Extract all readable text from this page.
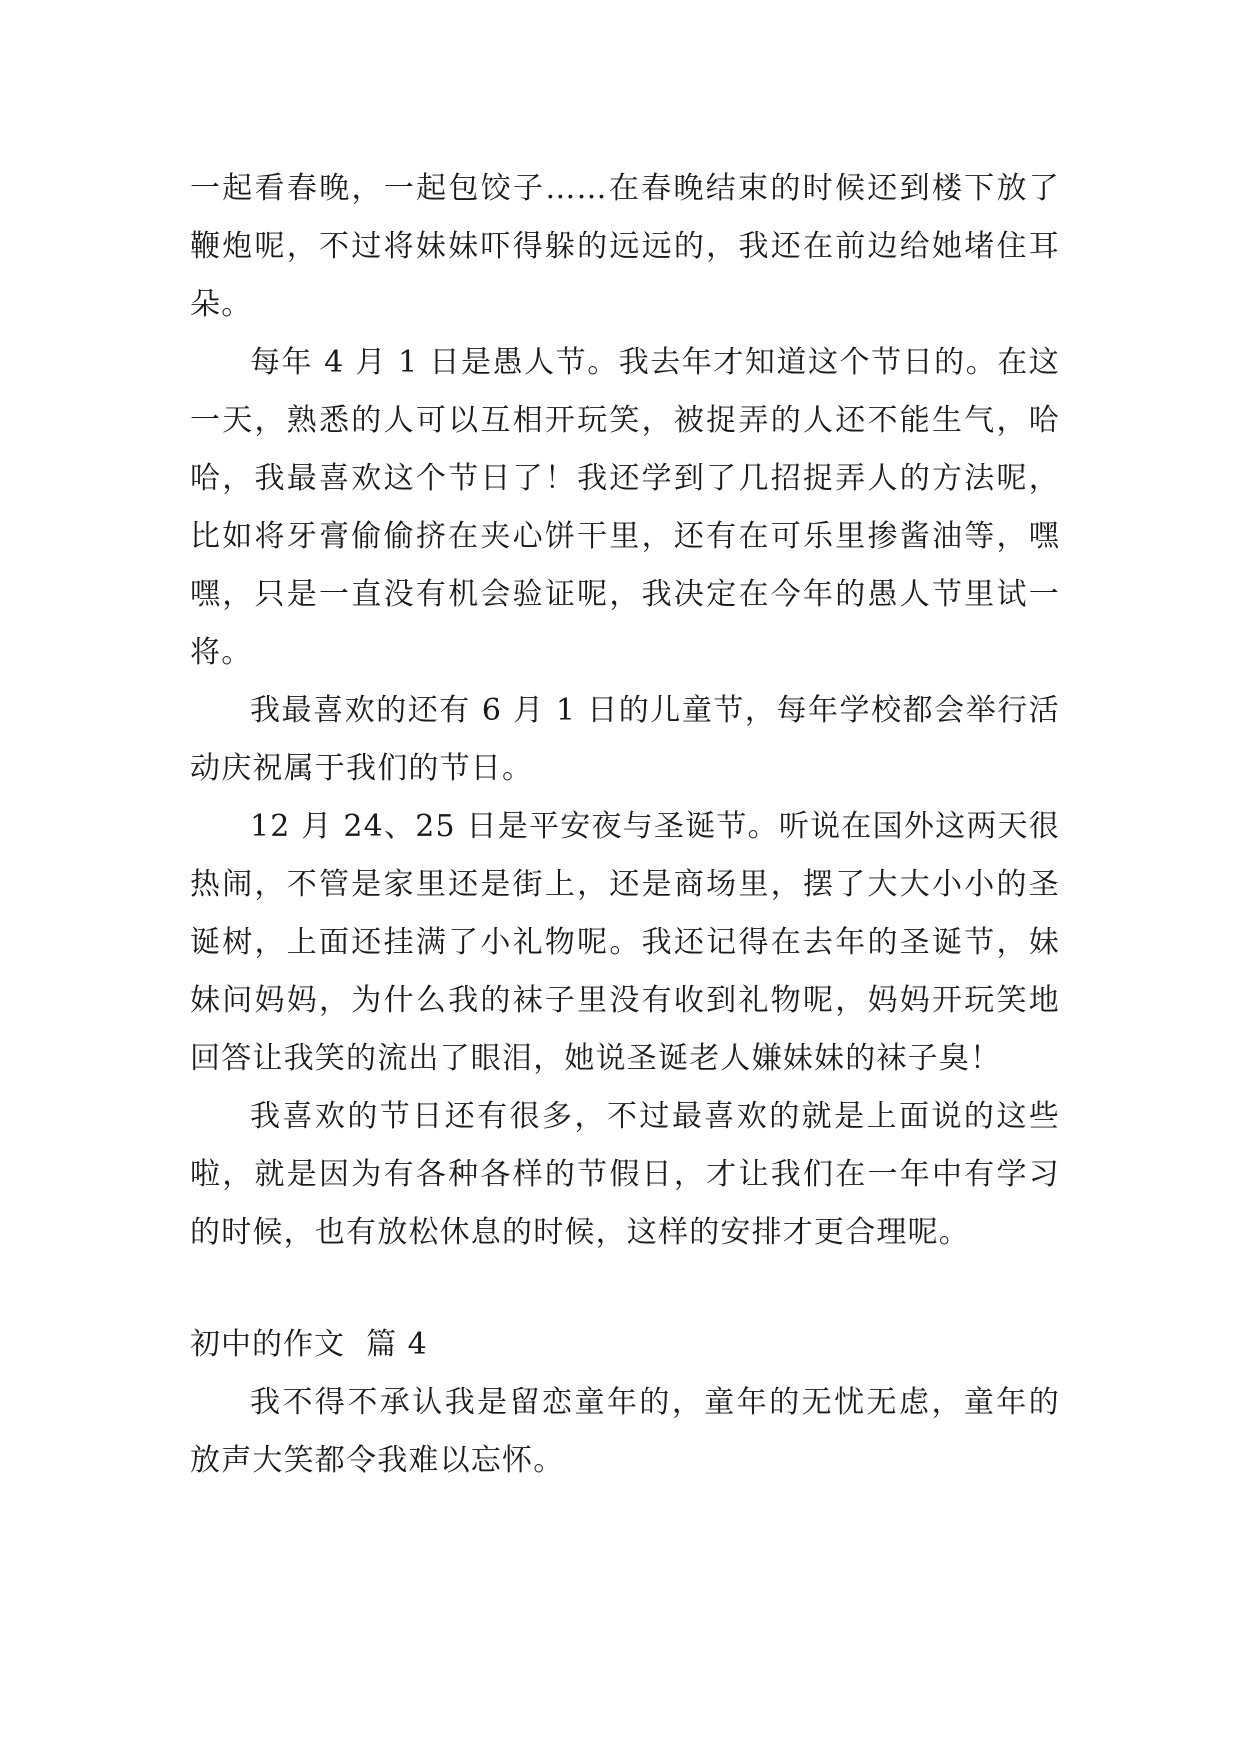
一起看春晚，一起包饺子……在春晚结束的时候还到楼下放了鞭炮呢，不过将妹妹吓得躲的远远的，我还在前边给她堵住耳朵。

每年 4 月 1 日是愚人节。我去年才知道这个节日的。在这一天，熟悉的人可以互相开玩笑，被捉弄的人还不能生气，哈哈，我最喜欢这个节日了！我还学到了几招捉弄人的方法呢，比如将牙膏偷偷挤在夹心饼干里，还有在可乐里掺酱油等，嘿嘿，只是一直没有机会验证呢，我决定在今年的愚人节里试一将。

我最喜欢的还有 6 月 1 日的儿童节，每年学校都会举行活动庆祝属于我们的节日。

12 月 24、25 日是平安夜与圣诞节。听说在国外这两天很热闹，不管是家里还是街上，还是商场里，摆了大大小小的圣诞树，上面还挂满了小礼物呢。我还记得在去年的圣诞节，妹妹问妈妈，为什么我的袜子里没有收到礼物呢，妈妈开玩笑地回答让我笑的流出了眼泪，她说圣诞老人嫌妹妹的袜子臭！

我喜欢的节日还有很多，不过最喜欢的就是上面说的这些啦，就是因为有各种各样的节假日，才让我们在一年中有学习的时候，也有放松休息的时候，这样的安排才更合理呢。

初中的作文  篇 4

我不得不承认我是留恋童年的，童年的无忧无虑，童年的放声大笑都令我难以忘怀。
